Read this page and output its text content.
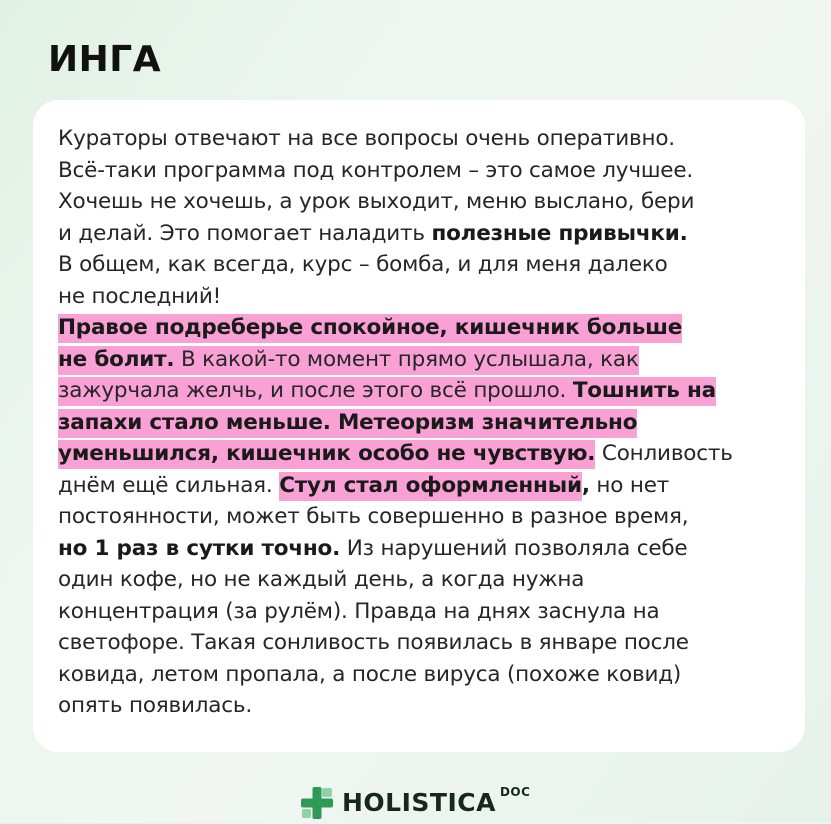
ИНГА
Кураторы отвечают на все вопросы очень оперативно.
Всё-таки программа под контролем – это самое лучшее.
Хочешь не хочешь, а урок выходит, меню выслано, бери
и делай. Это помогает наладить полезные привычки.
В общем, как всегда, курс – бомба, и для меня далеко
не последний!
Правое подреберье спокойное, кишечник больше
не болит. В какой-то момент прямо услышала, как
зажурчала желчь, и после этого всё прошло. Тошнить на
запахи стало меньше. Метеоризм значительно
уменьшился, кишечник особо не чувствую. Сонливость
днём ещё сильная. Стул стал оформленный, но нет
постоянности, может быть совершенно в разное время,
но 1 раз в сутки точно. Из нарушений позволяла себе
один кофе, но не каждый день, а когда нужна
концентрация (за рулём). Правда на днях заснула на
светофоре. Такая сонливость появилась в январе после
ковида, летом пропала, а после вируса (похоже ковид)
опять появилась.
HOLISTICA DOC
